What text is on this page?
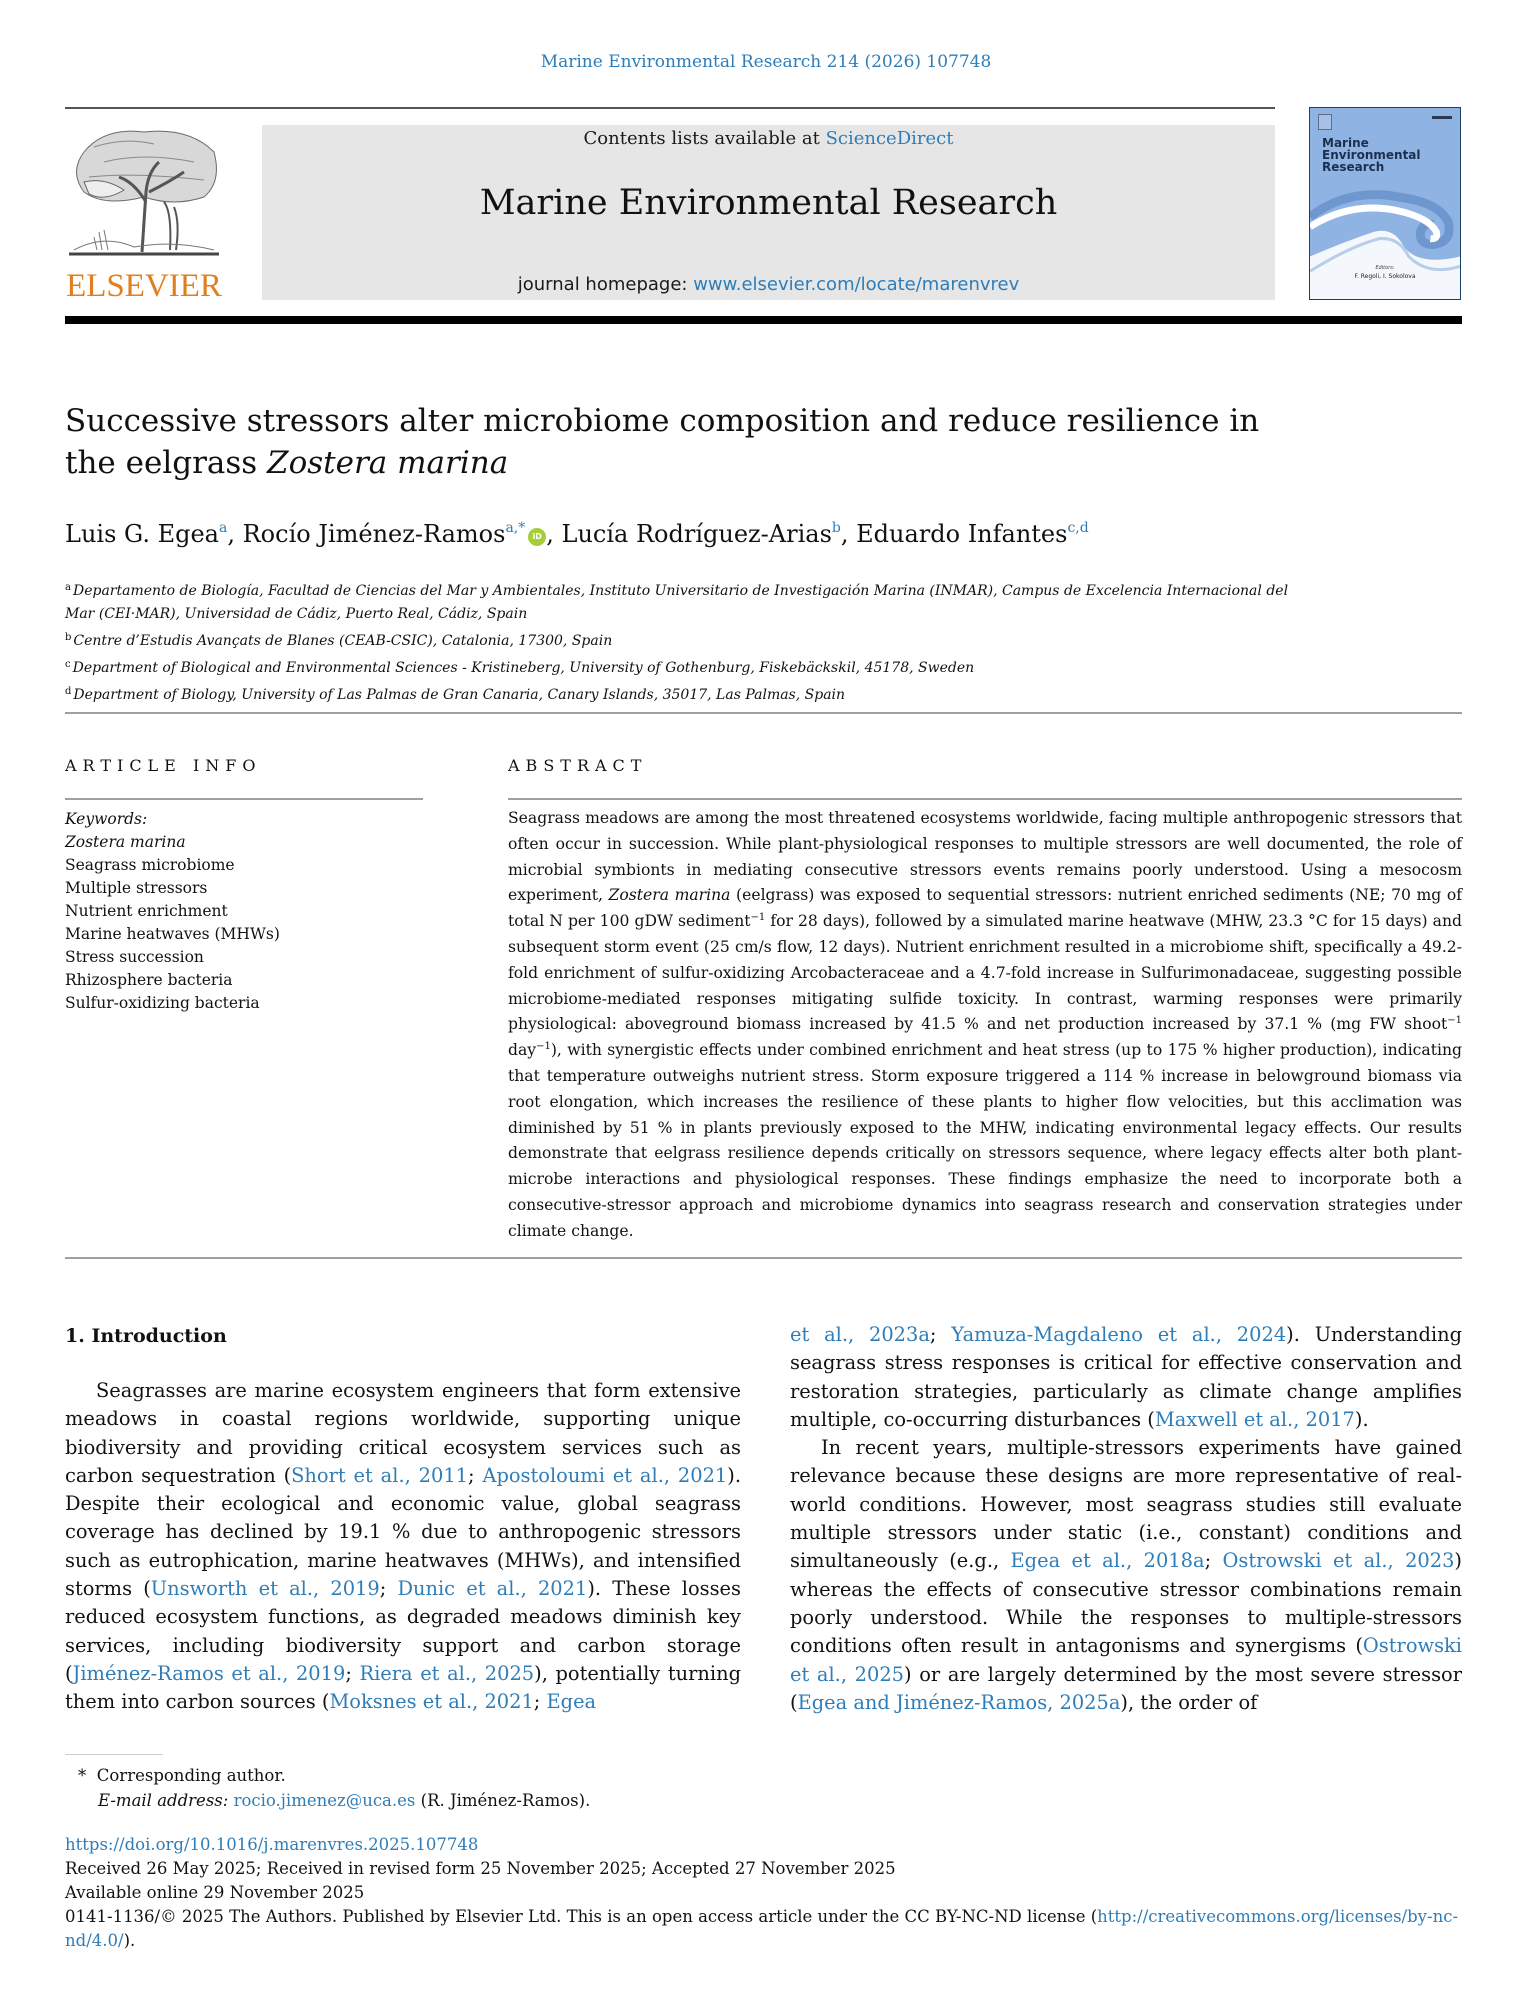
Marine Environmental Research 214 (2026) 107748
ELSEVIER
Contents lists available at ScienceDirect
Marine Environmental Research
journal homepage: www.elsevier.com/locate/marenvrev
Marine
Environmental
Research
Editors:
F. Regoli, I. Sokolova
Successive stressors alter microbiome composition and reduce resilience in the eelgrass Zostera marina
Luis G. Egea$^a$, Rocío Jiménez-Ramos$^{a,*}$iD , Lucía Rodríguez-Arias$^b$, Eduardo Infantes$^{c,d}$
$^a$ Departamento de Biología, Facultad de Ciencias del Mar y Ambientales, Instituto Universitario de Investigación Marina (INMAR), Campus de Excelencia Internacional del Mar (CEI·MAR), Universidad de Cádiz, Puerto Real, Cádiz, Spain
$^b$ Centre d’Estudis Avançats de Blanes (CEAB-CSIC), Catalonia, 17300, Spain
$^c$ Department of Biological and Environmental Sciences - Kristineberg, University of Gothenburg, Fiskebäckskil, 45178, Sweden
$^d$ Department of Biology, University of Las Palmas de Gran Canaria, Canary Islands, 35017, Las Palmas, Spain
ARTICLE INFO	ABSTRACT
Keywords:
Zostera marina
Seagrass microbiome
Multiple stressors
Nutrient enrichment
Marine heatwaves (MHWs)
Stress succession
Rhizosphere bacteria
Sulfur-oxidizing bacteria
Seagrass meadows are among the most threatened ecosystems worldwide, facing multiple anthropogenic stressors that often occur in succession. While plant-physiological responses to multiple stressors are well documented, the role of microbial symbionts in mediating consecutive stressors events remains poorly understood. Using a mesocosm experiment, Zostera marina (eelgrass) was exposed to sequential stressors: nutrient enriched sediments (NE; 70 mg of total N per 100 gDW sediment$^{-1}$ for 28 days), followed by a simulated marine heatwave (MHW, 23.3 °C for 15 days) and subsequent storm event (25 cm/s flow, 12 days). Nutrient enrichment resulted in a microbiome shift, specifically a 49.2-fold enrichment of sulfur-oxidizing Arcobacteraceae and a 4.7-fold increase in Sulfurimonadaceae, suggesting possible microbiome-mediated responses mitigating sulfide toxicity. In contrast, warming responses were primarily physiological: aboveground biomass increased by 41.5 % and net production increased by 37.1 % (mg FW shoot$^{-1}$ day$^{-1}$), with synergistic effects under combined enrichment and heat stress (up to 175 % higher production), indicating that temperature outweighs nutrient stress. Storm exposure triggered a 114 % increase in belowground biomass via root elongation, which increases the resilience of these plants to higher flow velocities, but this acclimation was diminished by 51 % in plants previously exposed to the MHW, indicating environmental legacy effects. Our results demonstrate that eelgrass resilience depends critically on stressors sequence, where legacy effects alter both plant-microbe interactions and physiological responses. These findings emphasize the need to incorporate both a consecutive-stressor approach and microbiome dynamics into seagrass research and conservation strategies under climate change.
1. Introduction

Seagrasses are marine ecosystem engineers that form extensive meadows in coastal regions worldwide, supporting unique biodiversity and providing critical ecosystem services such as carbon sequestration (Short et al., 2011; Apostoloumi et al., 2021). Despite their ecological and economic value, global seagrass coverage has declined by 19.1 % due to anthropogenic stressors such as eutrophication, marine heatwaves (MHWs), and intensified storms (Unsworth et al., 2019; Dunic et al., 2021). These losses reduced ecosystem functions, as degraded meadows diminish key services, including biodiversity support and carbon storage (Jiménez-Ramos et al., 2019; Riera et al., 2025), potentially turning them into carbon sources (Moksnes et al., 2021; Egea

et al., 2023a; Yamuza-Magdaleno et al., 2024). Understanding seagrass stress responses is critical for effective conservation and restoration strategies, particularly as climate change amplifies multiple, co-occurring disturbances (Maxwell et al., 2017).

In recent years, multiple-stressors experiments have gained relevance because these designs are more representative of real-world conditions. However, most seagrass studies still evaluate multiple stressors under static (i.e., constant) conditions and simultaneously (e.g., Egea et al., 2018a; Ostrowski et al., 2023) whereas the effects of consecutive stressor combinations remain poorly understood. While the responses to multiple-stressors conditions often result in antagonisms and synergisms (Ostrowski et al., 2025) or are largely determined by the most severe stressor (Egea and Jiménez-Ramos, 2025a), the order of

* Corresponding author.
E-mail address: rocio.jimenez@uca.es (R. Jiménez-Ramos).
https://doi.org/10.1016/j.marenvres.2025.107748
Received 26 May 2025; Received in revised form 25 November 2025; Accepted 27 November 2025
Available online 29 November 2025
0141-1136/© 2025 The Authors. Published by Elsevier Ltd. This is an open access article under the CC BY-NC-ND license (http://creativecommons.org/licenses/by-nc-nd/4.0/).
